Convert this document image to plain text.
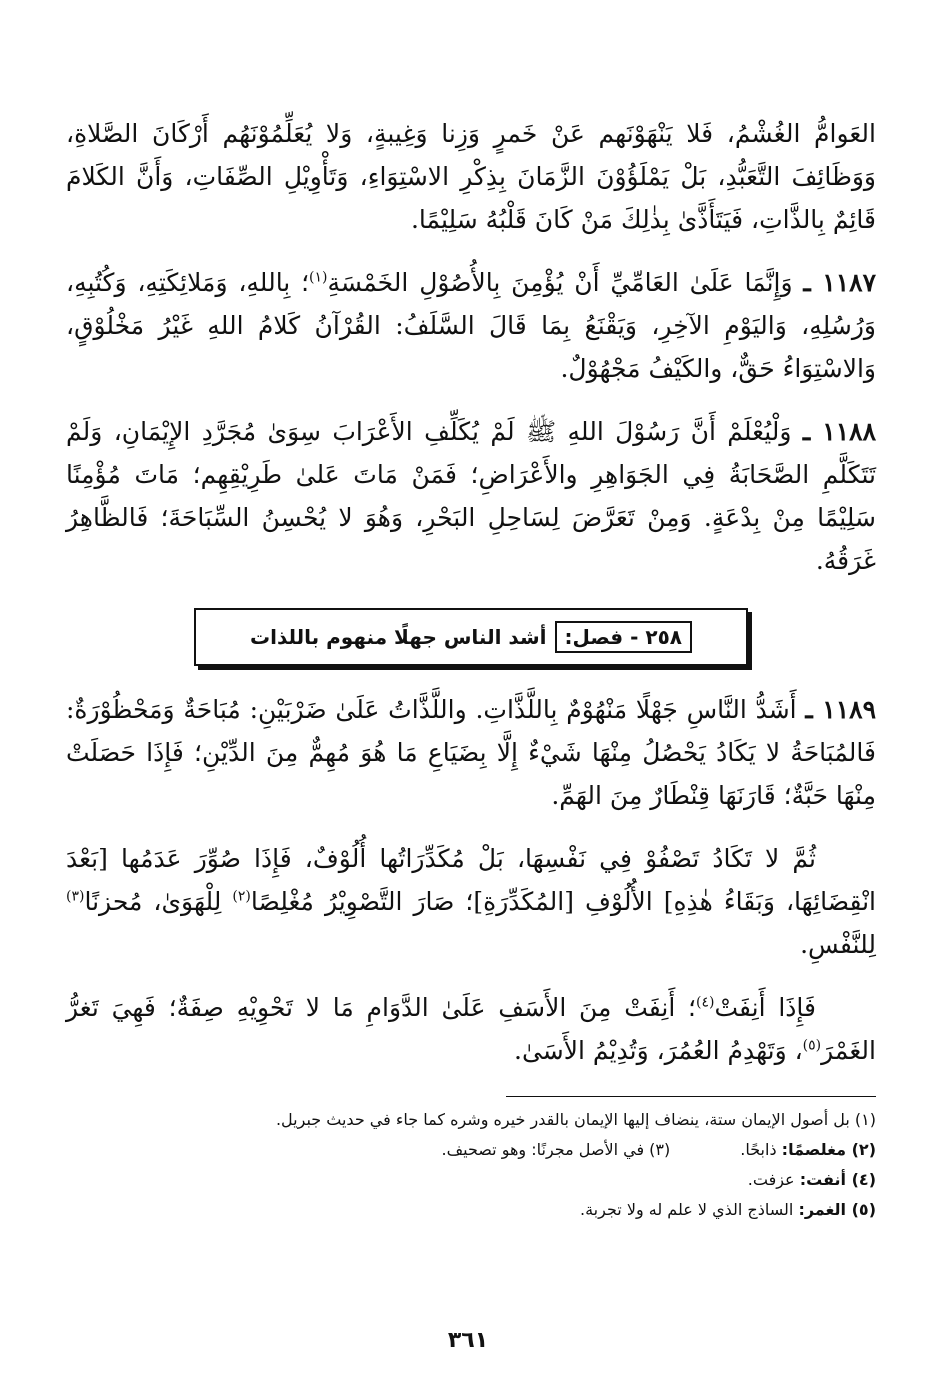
العَوامُّ الغُشْمُ، فَلا يَنْهَوْنَهم عَنْ خَمرٍ وَزِنا وَغِيبةٍ، وَلا يُعَلِّمُوْنَهُم أَرْكَانَ الصَّلاةِ، وَوَظَائِفَ التَّعَبُّدِ، بَلْ يَمْلَؤُوْنَ الزَّمَانَ بِذِكْرِ الاسْتِوَاءِ، وَتَأْوِيْلِ الصِّفَاتِ، وَأَنَّ الكَلامَ قَائِمٌ بِالذَّاتِ، فَيَتَأَذَّىٰ بِذٰلِكَ مَنْ كَانَ قَلْبُهُ سَلِيْمًا.

١١٨٧ ـ وَإِنَّمَا عَلَىٰ العَامِّيِّ أَنْ يُؤْمِنَ بِالأُصُوْلِ الخَمْسَةِ$^{(١)}$؛ بِاللهِ، وَمَلائِكَتِهِ، وَكُتُبِهِ، وَرُسُلِهِ، وَاليَوْمِ الآخِرِ، وَيَقْنَعُ بِمَا قَالَ السَّلَفُ: القُرْآنُ كَلامُ اللهِ غَيْرُ مَخْلُوْقٍ، وَالاسْتِوَاءُ حَقٌّ، والكَيْفُ مَجْهُوْلٌ.

١١٨٨ ـ وَلْيُعْلَمْ أَنَّ رَسُوْلَ اللهِ ﷺ لَمْ يُكَلِّفِ الأَعْرَابَ سِوَىٰ مُجَرَّدِ الإِيْمَانِ، وَلَمْ تَتَكَلَّمِ الصَّحَابَةُ فِي الجَوَاهِرِ والأَعْرَاضِ؛ فَمَنْ مَاتَ عَلىٰ طَرِيْقِهِم؛ مَاتَ مُؤْمِنًا سَلِيْمًا مِنْ بِدْعَةٍ. وَمِنْ تَعَرَّضَ لِسَاحِلِ البَحْرِ، وَهُوَ لا يُحْسِنُ السِّبَاحَةَ؛ فَالظَّاهِرُ غَرَقُهُ.

٢٥٨ - فصل:
أشد الناس جهلًا منهوم باللذات

١١٨٩ ـ أَشَدُّ النَّاسِ جَهْلًا مَنْهُوْمٌ بِاللَّذَّاتِ. واللَّذَّاتُ عَلَىٰ ضَرْبَيْنِ: مُبَاحَةٌ وَمَحْظُوْرَةٌ: فَالمُبَاحَةُ لا يَكَادُ يَحْصُلُ مِنْهَا شَيْءٌ إِلَّا بِضَيَاعِ مَا هُوَ مُهِمٌّ مِنَ الدِّيْنِ؛ فَإِذَا حَصَلَتْ مِنْهَا حَبَّةٌ؛ قَارَنَهَا قِنْطَارٌ مِنَ الهَمِّ.

ثُمَّ لا تَكَادُ تَصْفُوْ فِي نَفْسِهَا، بَلْ مُكَدِّرَاتُها أُلُوْفٌ، فَإِذَا صُوِّرَ عَدَمُها [بَعْدَ انْقِضَائِهَا، وَبَقَاءُ هٰذِهِ] الأُلُوْفِ [المُكَدِّرَةِ]؛ صَارَ التَّصْوِيْرُ مُغْلِصًا$^{(٢)}$ لِلْهَوَىٰ، مُحزنًا$^{(٣)}$ لِلنَّفْسِ.

فَإِذَا أَنِفَتْ$^{(٤)}$؛ أَنِفَتْ مِنَ الأَسَفِ عَلَىٰ الدَّوَامِ مَا لا تَحْوِيْهِ صِفَةٌ؛ فَهِيَ تَغرُّ الغَمْرَ$^{(٥)}$، وَتَهْدِمُ العُمُرَ، وَتُدِيْمُ الأَسَىٰ.

(١) بل أصول الإيمان ستة، ينضاف إليها الإيمان بالقدر خيره وشره كما جاء في حديث جبريل.
(٢) مغلصمًا: ذابحًا.
(٣) في الأصل مجرنًا: وهو تصحيف.
(٤) أنفت: عزفت.
(٥) الغمر: الساذج الذي لا علم له ولا تجربة.
٣٦١
